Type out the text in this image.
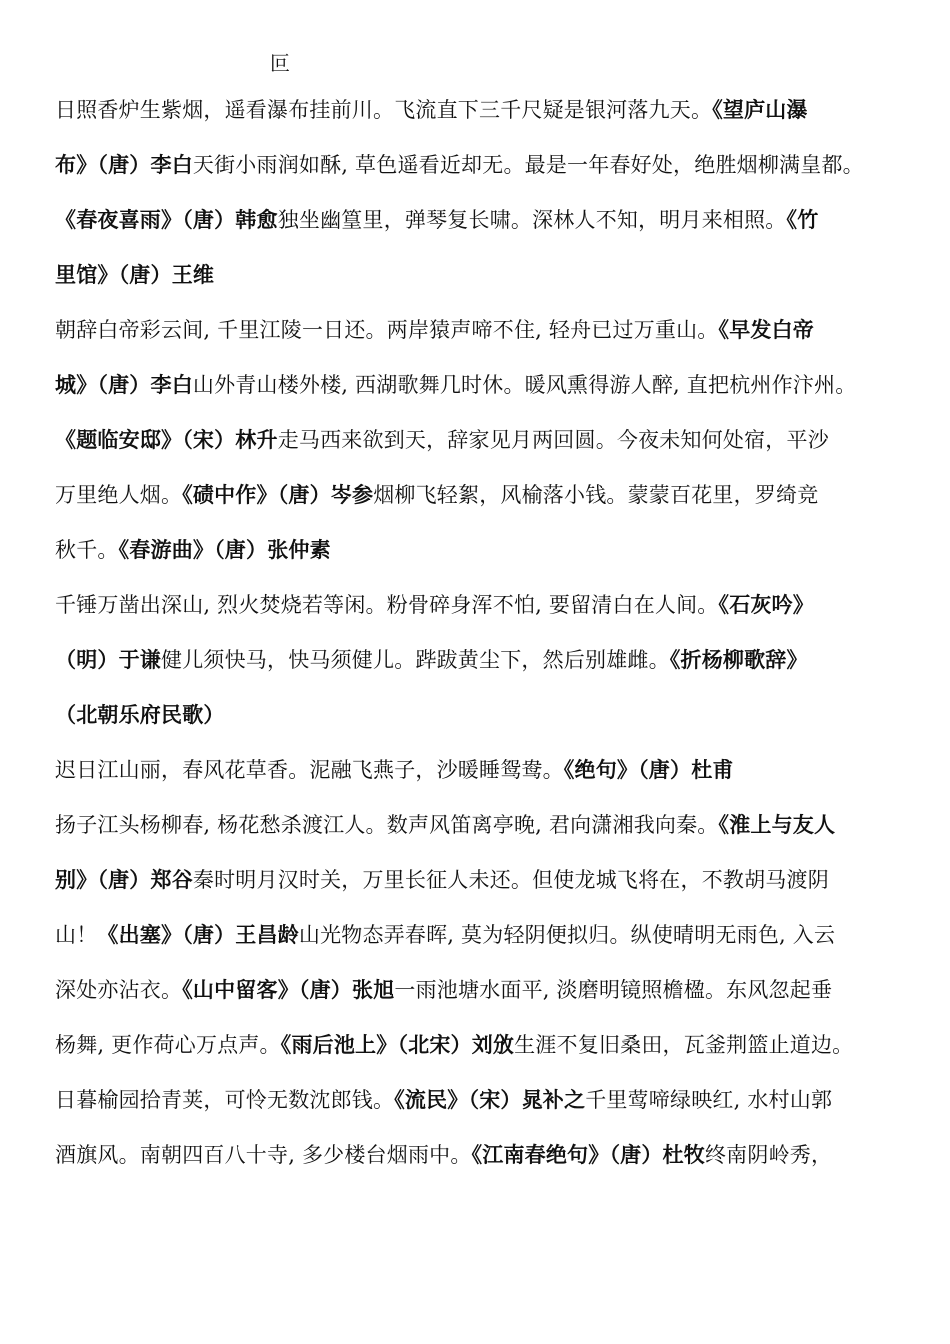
叵
日照香炉生紫烟，遥看瀑布挂前川。飞流直下三千尺疑是银河落九天。《望庐山瀑
布》（唐）李白天街小雨润如酥, 草色遥看近却无。最是一年春好处，绝胜烟柳满皇都。
《春夜喜雨》（唐）韩愈独坐幽篁里，弹琴复长啸。深林人不知，明月来相照。《竹
里馆》（唐）王维
朝辞白帝彩云间, 千里江陵一日还。两岸猿声啼不住, 轻舟已过万重山。《早发白帝
城》（唐）李白山外青山楼外楼, 西湖歌舞几时休。暖风熏得游人醉, 直把杭州作汴州。
《题临安邸》（宋）林升走马西来欲到天，辞家见月两回圆。今夜未知何处宿，平沙
万里绝人烟。《碛中作》（唐）岑参烟柳飞轻絮，风榆落小钱。蒙蒙百花里，罗绮竞
秋千。《春游曲》（唐）张仲素
千锤万凿出深山, 烈火焚烧若等闲。粉骨碎身浑不怕, 要留清白在人间。《石灰吟》
（明）于谦健儿须快马，快马须健儿。跸跋黄尘下，然后别雄雌。《折杨柳歌辞》
（北朝乐府民歌）
迟日江山丽，春风花草香。泥融飞燕子，沙暖睡鸳鸯。《绝句》（唐）杜甫
扬子江头杨柳春, 杨花愁杀渡江人。数声风笛离亭晚, 君向潇湘我向秦。《淮上与友人
别》（唐）郑谷秦时明月汉时关，万里长征人未还。但使龙城飞将在，不教胡马渡阴
山！《出塞》（唐）王昌龄山光物态弄春晖, 莫为轻阴便拟归。纵使晴明无雨色, 入云
深处亦沾衣。《山中留客》（唐）张旭一雨池塘水面平, 淡磨明镜照檐楹。东风忽起垂
杨舞, 更作荷心万点声。《雨后池上》（北宋）刘攽生涯不复旧桑田，瓦釜荆篮止道边。
日暮榆园拾青荚，可怜无数沈郎钱。《流民》（宋）晁补之千里莺啼绿映红, 水村山郭
酒旗风。南朝四百八十寺, 多少楼台烟雨中。《江南春绝句》（唐）杜牧终南阴岭秀，
